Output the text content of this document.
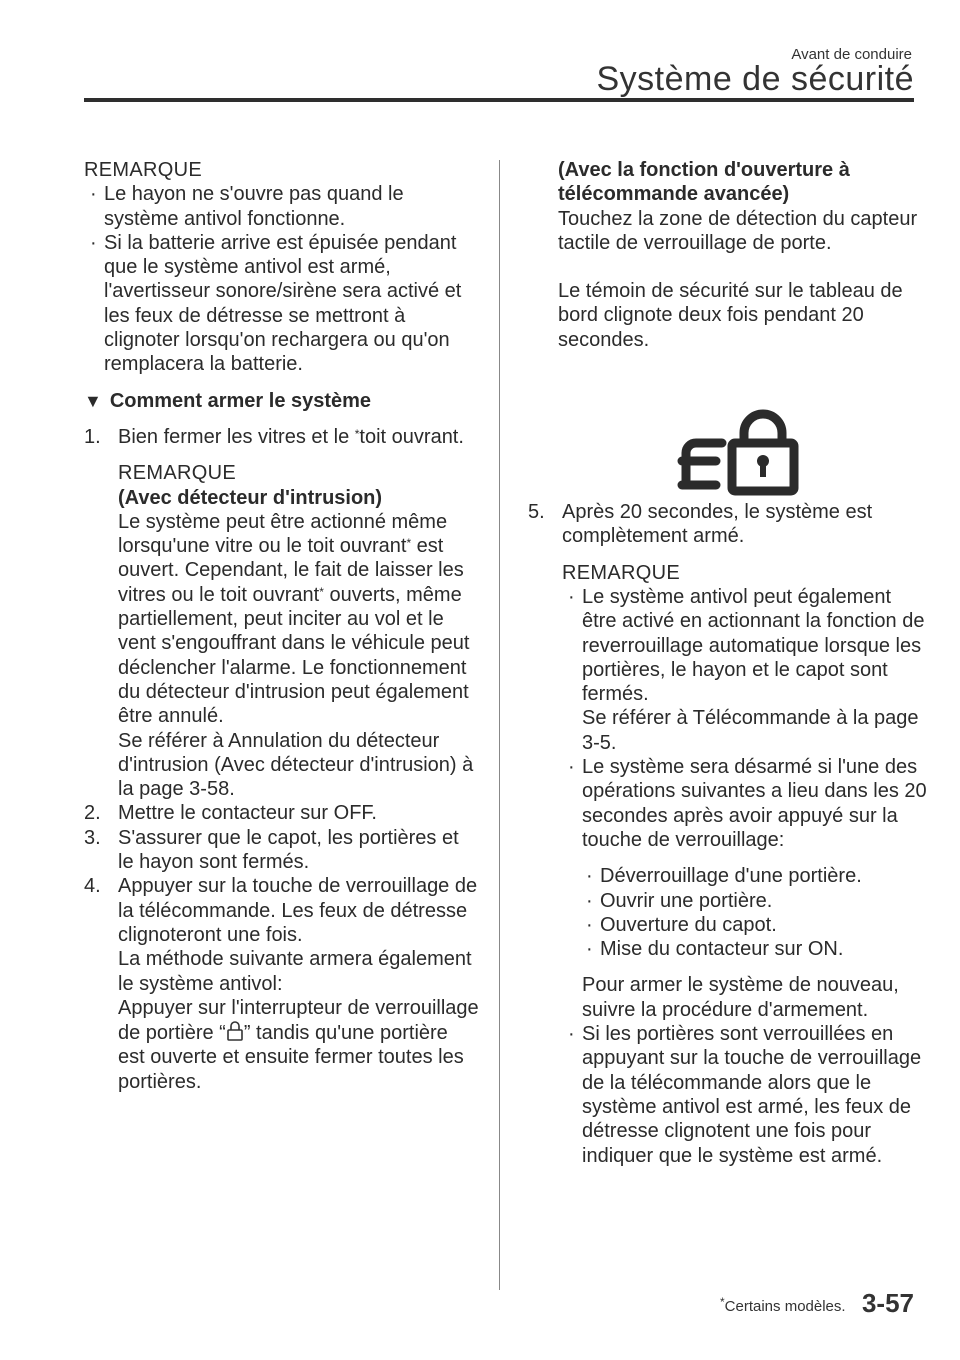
Avant de conduire
Système de sécurité

REMARQUE

· Le hayon ne s'ouvre pas quand le système antivol fonctionne.

· Si la batterie arrive est épuisée pendant que le système antivol est armé, l'avertisseur sonore/sirène sera activé et les feux de détresse se mettront à clignoter lorsqu'on rechargera ou qu'on remplacera la batterie.

▼ Comment armer le système

1. Bien fermer les vitres et le *toit ouvrant.

REMARQUE

(Avec détecteur d'intrusion)

Le système peut être actionné même lorsqu'une vitre ou le toit ouvrant* est ouvert. Cependant, le fait de laisser les vitres ou le toit ouvrant* ouverts, même partiellement, peut inciter au vol et le vent s'engouffrant dans le véhicule peut déclencher l'alarme. Le fonctionnement du détecteur d'intrusion peut également être annulé.

Se référer à Annulation du détecteur d'intrusion (Avec détecteur d'intrusion) à la page 3-58.

2. Mettre le contacteur sur OFF.
3. S'assurer que le capot, les portières et le hayon sont fermés.
4. Appuyer sur la touche de verrouillage de la télécommande. Les feux de détresse clignoteront une fois.

La méthode suivante armera également le système antivol:

Appuyer sur l'interrupteur de verrouillage de portière “ ” tandis qu'une portière est ouverte et ensuite fermer toutes les portières.

(Avec la fonction d'ouverture à télécommande avancée)

Touchez la zone de détection du capteur tactile de verrouillage de porte.

Le témoin de sécurité sur le tableau de bord clignote deux fois pendant 20 secondes.

5. Après 20 secondes, le système est complètement armé.

REMARQUE

· Le système antivol peut également être activé en actionnant la fonction de reverrouillage automatique lorsque les portières, le hayon et le capot sont fermés.
Se référer à Télécommande à la page 3-5.

· Le système sera désarmé si l'une des opérations suivantes a lieu dans les 20 secondes après avoir appuyé sur la touche de verrouillage:

· Déverrouillage d'une portière.

· Ouvrir une portière.

· Ouverture du capot.

· Mise du contacteur sur ON.

Pour armer le système de nouveau, suivre la procédure d'armement.

· Si les portières sont verrouillées en appuyant sur la touche de verrouillage de la télécommande alors que le système antivol est armé, les feux de détresse clignotent une fois pour indiquer que le système est armé.

*Certains modèles. 3-57
